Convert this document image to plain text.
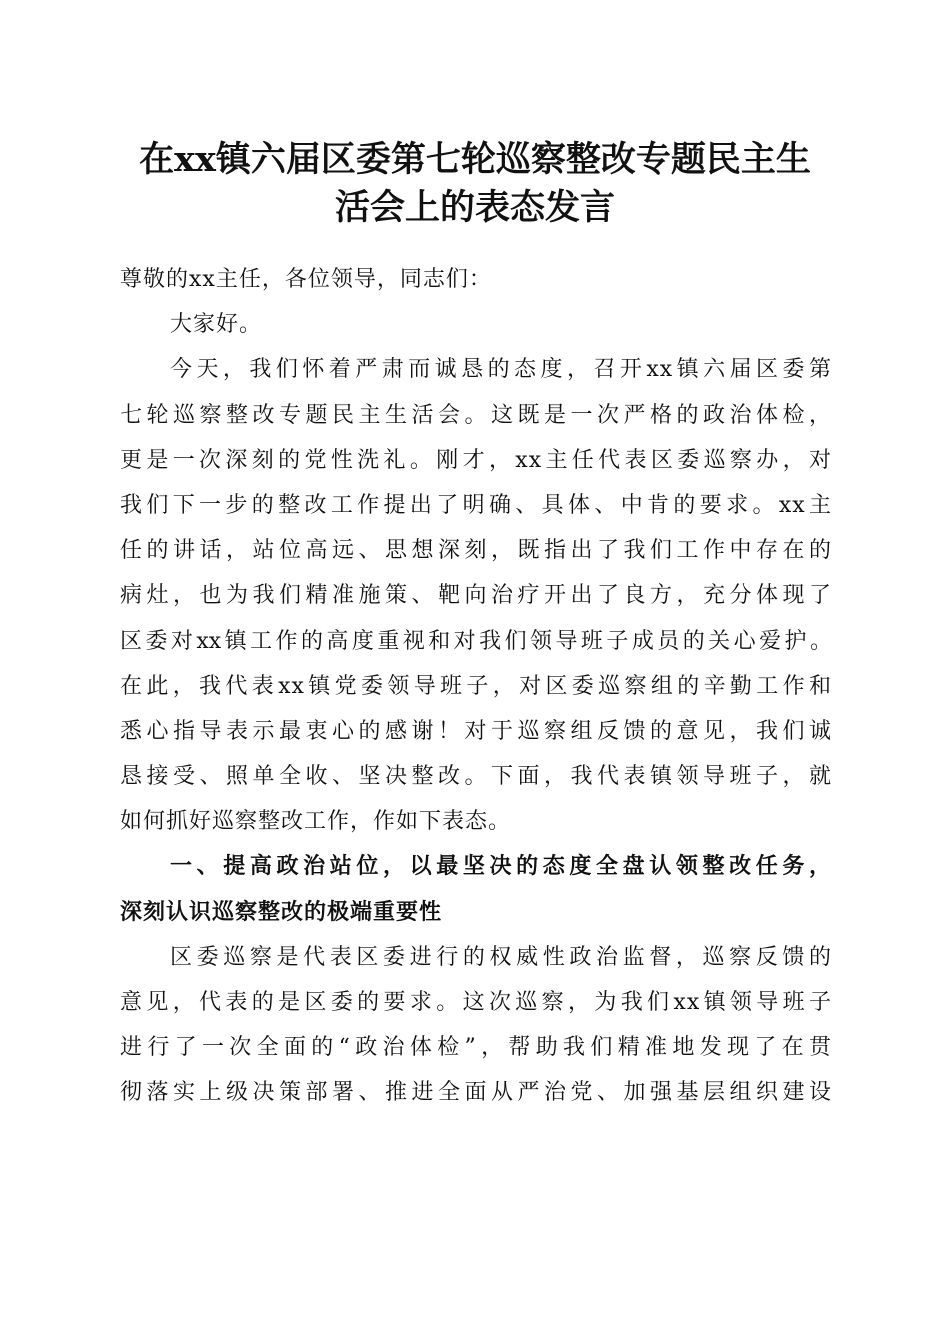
在xx镇六届区委第七轮巡察整改专题民主生
活会上的表态发言
尊敬的xx主任，各位领导，同志们：
大家好。
今天，我们怀着严肃而诚恳的态度，召开xx镇六届区委第
七轮巡察整改专题民主生活会。这既是一次严格的政治体检，
更是一次深刻的党性洗礼。刚才，xx主任代表区委巡察办，对
我们下一步的整改工作提出了明确、具体、中肯的要求。xx主
任的讲话，站位高远、思想深刻，既指出了我们工作中存在的
病灶，也为我们精准施策、靶向治疗开出了良方，充分体现了
区委对xx镇工作的高度重视和对我们领导班子成员的关心爱护。
在此，我代表xx镇党委领导班子，对区委巡察组的辛勤工作和
悉心指导表示最衷心的感谢！对于巡察组反馈的意见，我们诚
恳接受、照单全收、坚决整改。下面，我代表镇领导班子，就
如何抓好巡察整改工作，作如下表态。
一、提高政治站位，以最坚决的态度全盘认领整改任务，
深刻认识巡察整改的极端重要性
区委巡察是代表区委进行的权威性政治监督，巡察反馈的
意见，代表的是区委的要求。这次巡察，为我们xx镇领导班子
进行了一次全面的“政治体检”，帮助我们精准地发现了在贯
彻落实上级决策部署、推进全面从严治党、加强基层组织建设
